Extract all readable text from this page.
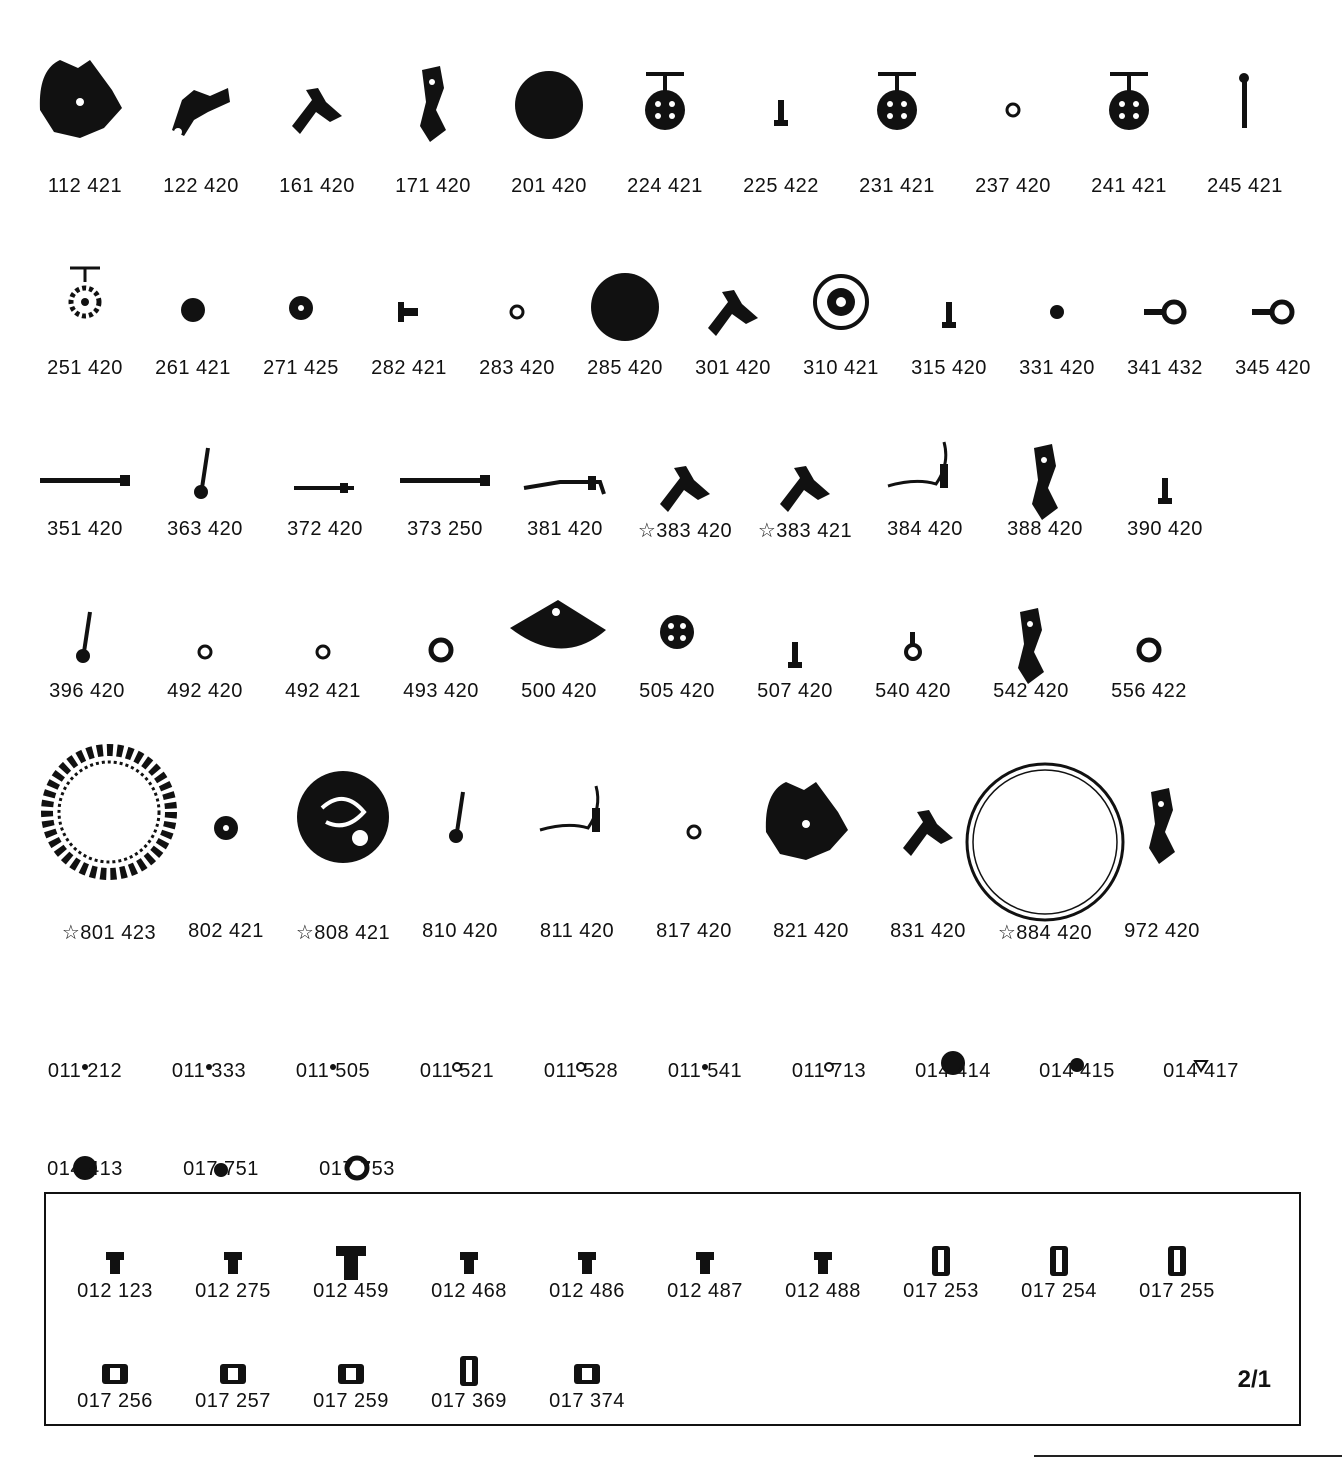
112 421	122 420	161 420	171 420	201 420	224 421	225 422	231 421	237 420	241 421	245 421
251 420	261 421	271 425	282 421	283 420	285 420	301 420	310 421	315 420	331 420	341 432	345 420
351 420	363 420	372 420	373 250	381 420	☆383 420	☆383 421	384 420	388 420	390 420
396 420	492 420	492 421	493 420	500 420	505 420	507 420	540 420	542 420	556 422
☆801 423	802 421	☆808 421	810 420	811 420	817 420	821 420	831 420	☆884 420	972 420
011 212	011 333	011 505	011 521	011 528	011 541	011 713	014 414	014 415	014 417
014 413	017 751	017 753
2/1
012 123	012 275	012 459	012 468	012 486	012 487	012 488	017 253	017 254	017 255
017 256	017 257	017 259	017 369	017 374
